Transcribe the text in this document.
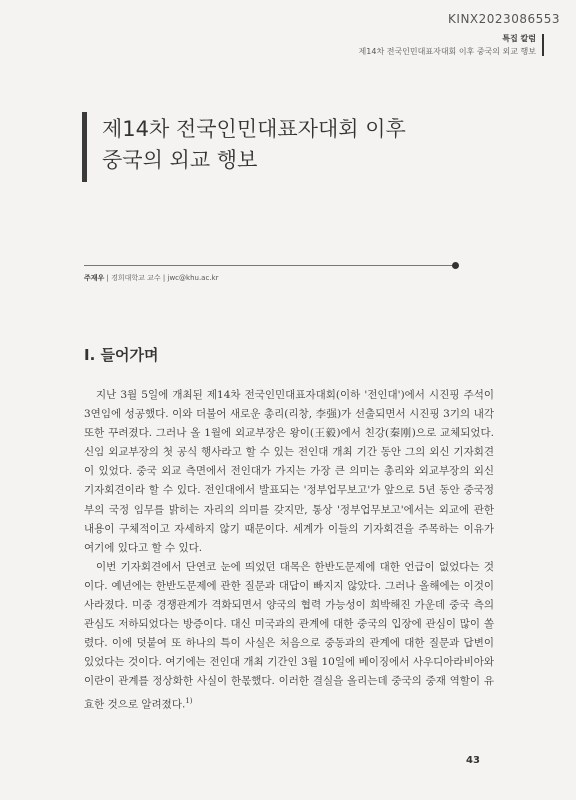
KINX2023086553
특집 칼럼
제14차 전국인민대표자대회 이후 중국의 외교 행보
제14차 전국인민대표자대회 이후
중국의 외교 행보
주재우 | 경희대학교 교수 | jwc@khu.ac.kr
Ⅰ. 들어가며

지난 3월 5일에 개최된 제14차 전국인민대표자대회(이하 '전인대')에서 시진핑 주석이 3연임에 성공했다. 이와 더불어 새로운 총리(리창, 李强)가 선출되면서 시진핑 3기의 내각 또한 꾸려졌다. 그러나 올 1월에 외교부장은 왕이(王毅)에서 친강(秦刚)으로 교체되었다. 신임 외교부장의 첫 공식 행사라고 할 수 있는 전인대 개최 기간 동안 그의 외신 기자회견이 있었다. 중국 외교 측면에서 전인대가 가지는 가장 큰 의미는 총리와 외교부장의 외신 기자회견이라 할 수 있다. 전인대에서 발표되는 '정부업무보고'가 앞으로 5년 동안 중국정부의 국정 임무를 밝히는 자리의 의미를 갖지만, 통상 '정부업무보고'에서는 외교에 관한 내용이 구체적이고 자세하지 않기 때문이다. 세계가 이들의 기자회견을 주목하는 이유가 여기에 있다고 할 수 있다.

이번 기자회견에서 단연코 눈에 띄었던 대목은 한반도문제에 대한 언급이 없었다는 것이다. 예년에는 한반도문제에 관한 질문과 대답이 빠지지 않았다. 그러나 올해에는 이것이 사라졌다. 미중 경쟁관계가 격화되면서 양국의 협력 가능성이 희박해진 가운데 중국 측의 관심도 저하되었다는 방증이다. 대신 미국과의 관계에 대한 중국의 입장에 관심이 많이 쏠렸다. 이에 덧붙여 또 하나의 특이 사실은 처음으로 중동과의 관계에 대한 질문과 답변이 있었다는 것이다. 여기에는 전인대 개최 기간인 3월 10일에 베이징에서 사우디아라비아와 이란이 관계를 정상화한 사실이 한몫했다. 이러한 결실을 올리는데 중국의 중재 역할이 유효한 것으로 알려졌다.$^{1)}$

43
